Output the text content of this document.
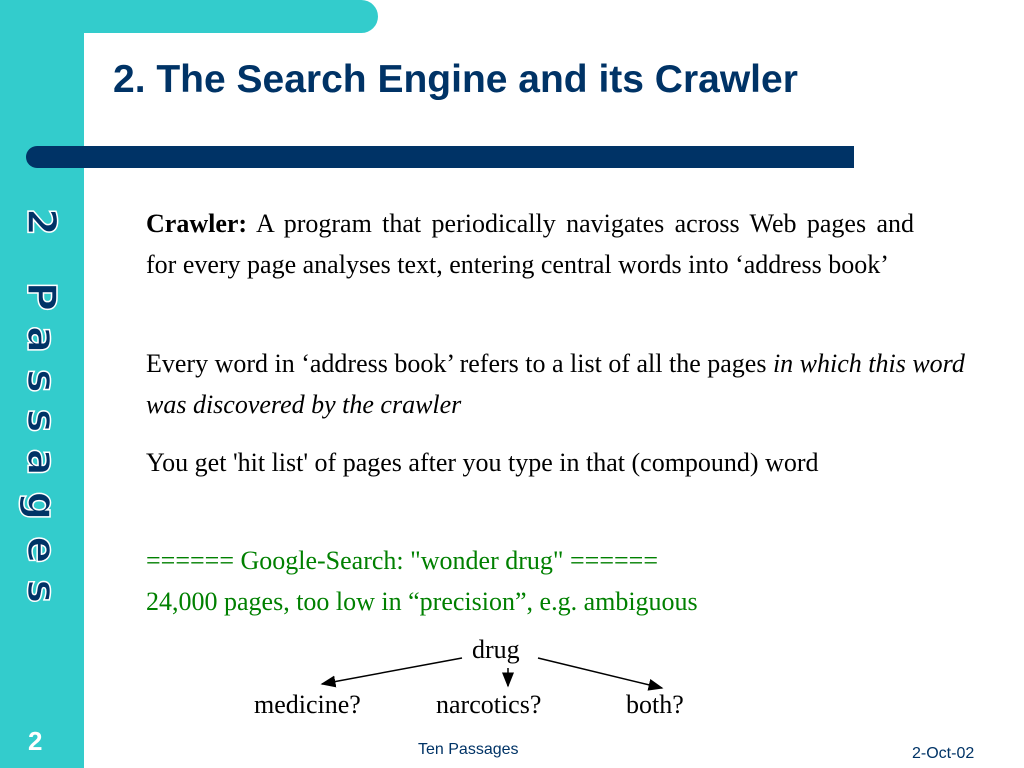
2 Passages
2
2. The Search Engine and its Crawler
Crawler: A program that periodically navigates across Web pages and for every page analyses text, entering central words into ‘address book’
Every word in ‘address book’ refers to a list of all the pages in which this word was discovered by the crawler
You get 'hit list' of pages after you type in that (compound) word
====== Google-Search: "wonder drug" ======
24,000 pages, too low in “precision”, e.g. ambiguous
drug
medicine?	narcotics?	both?
Ten Passages	2-Oct-02
